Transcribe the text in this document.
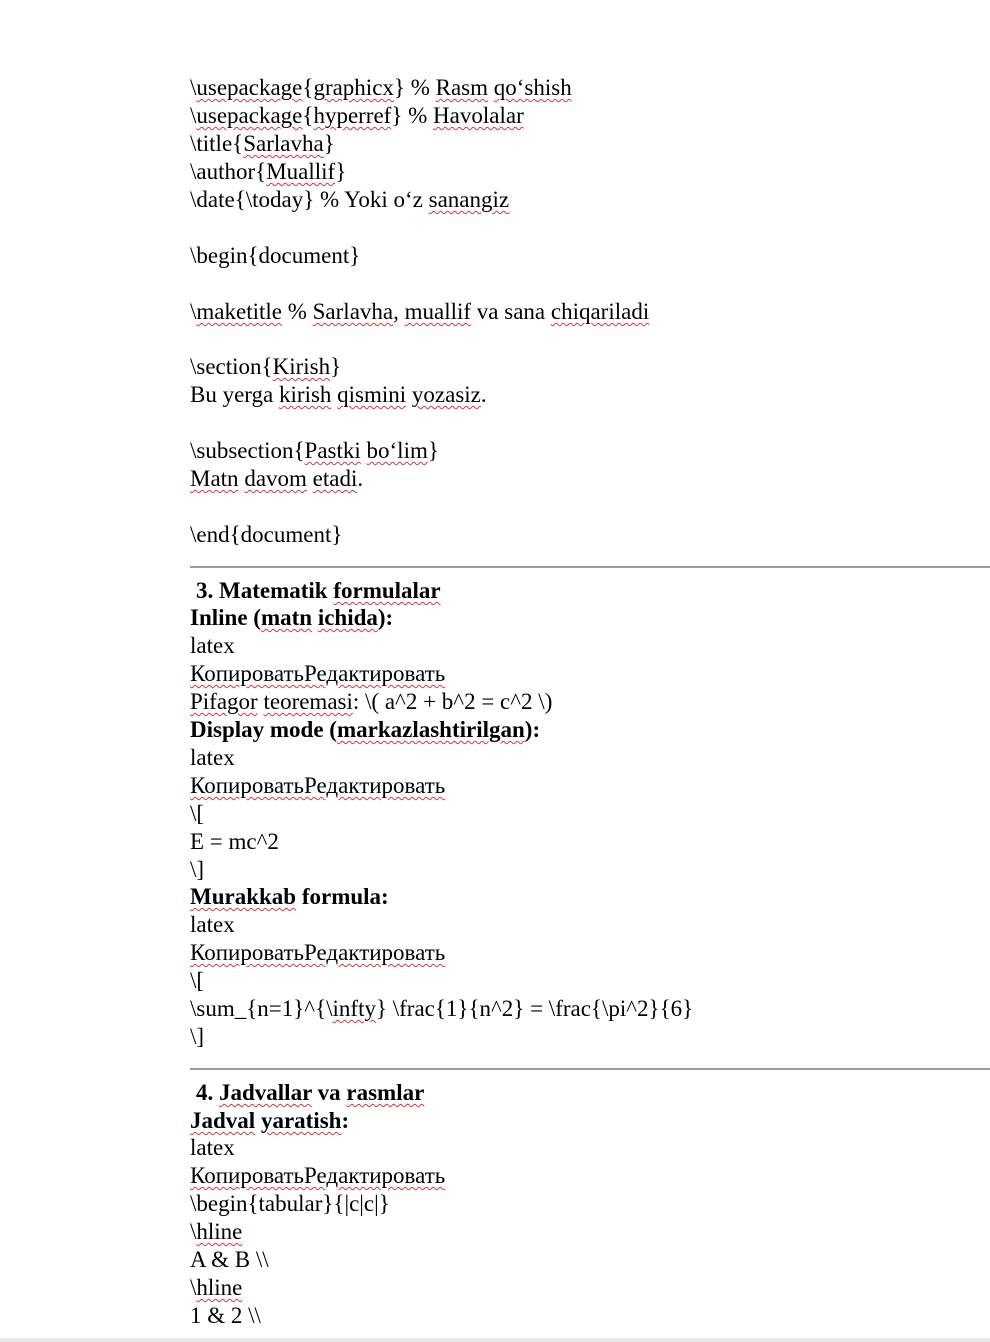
\usepackage{graphicx} % Rasm qo‘shish
\usepackage{hyperref} % Havolalar
\title{Sarlavha}
\author{Muallif}
\date{\today} % Yoki o‘z sanangiz
\begin{document}
\maketitle % Sarlavha, muallif va sana chiqariladi
\section{Kirish}
Bu yerga kirish qismini yozasiz.
\subsection{Pastki bo‘lim}
Matn davom etadi.
\end{document}
3. Matematik formulalar
Inline (matn ichida):
latex
КопироватьРедактировать
Pifagor teoremasi: \( a^2 + b^2 = c^2 \)
Display mode (markazlashtirilgan):
latex
КопироватьРедактировать
\[
E = mc^2
\]
Murakkab formula:
latex
КопироватьРедактировать
\[
\sum_{n=1}^{\infty} \frac{1}{n^2} = \frac{\pi^2}{6}
\]
4. Jadvallar va rasmlar
Jadval yaratish:
latex
КопироватьРедактировать
\begin{tabular}{|c|c|}
\hline
A & B \\
\hline
1 & 2 \\
